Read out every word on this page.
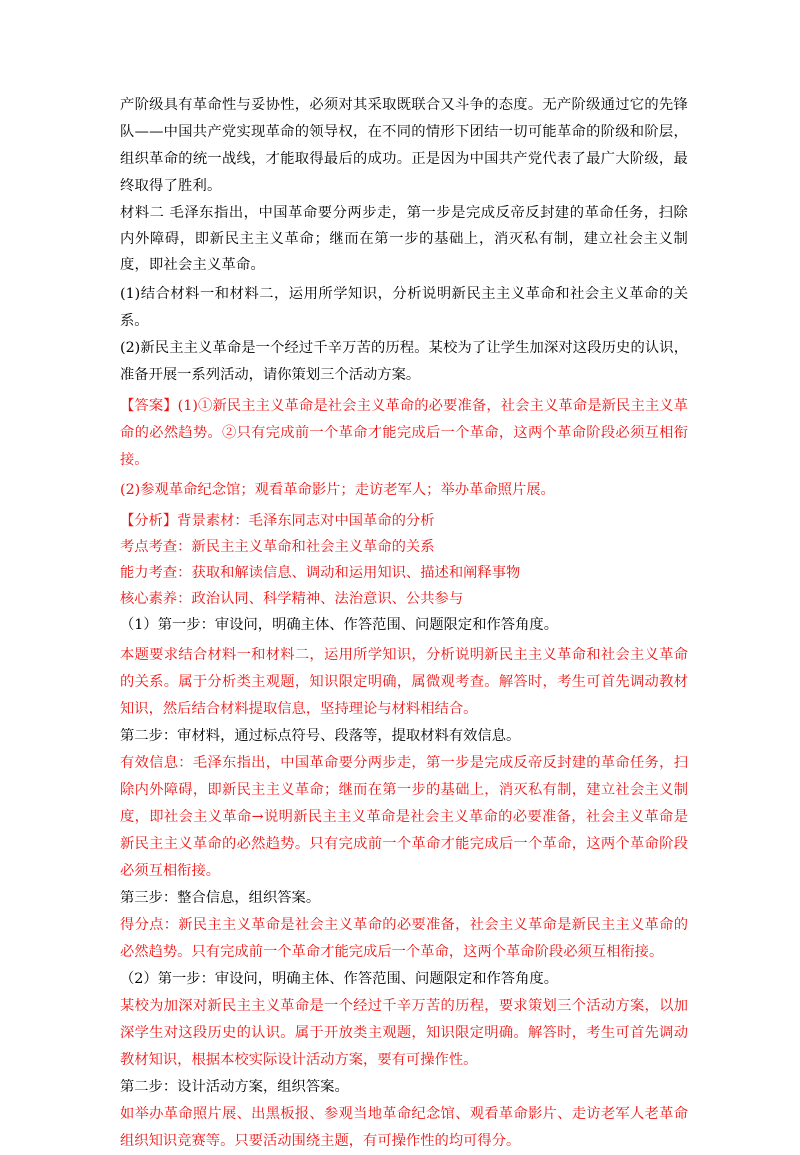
产阶级具有革命性与妥协性，必须对其采取既联合又斗争的态度。无产阶级通过它的先锋队——中国共产党实现革命的领导权，在不同的情形下团结一切可能革命的阶级和阶层，组织革命的统一战线，才能取得最后的成功。正是因为中国共产党代表了最广大阶级，最终取得了胜利。

材料二 毛泽东指出，中国革命要分两步走，第一步是完成反帝反封建的革命任务，扫除内外障碍，即新民主主义革命；继而在第一步的基础上，消灭私有制，建立社会主义制度，即社会主义革命。

(1)结合材料一和材料二，运用所学知识，分析说明新民主主义革命和社会主义革命的关系。

(2)新民主主义革命是一个经过千辛万苦的历程。某校为了让学生加深对这段历史的认识，准备开展一系列活动，请你策划三个活动方案。

【答案】(1)①新民主主义革命是社会主义革命的必要准备，社会主义革命是新民主主义革命的必然趋势。②只有完成前一个革命才能完成后一个革命，这两个革命阶段必须互相衔接。

(2)参观革命纪念馆；观看革命影片；走访老军人；举办革命照片展。

【分析】背景素材：毛泽东同志对中国革命的分析

考点考查：新民主主义革命和社会主义革命的关系

能力考查：获取和解读信息、调动和运用知识、描述和阐释事物

核心素养：政治认同、科学精神、法治意识、公共参与

（1）第一步：审设问，明确主体、作答范围、问题限定和作答角度。

本题要求结合材料一和材料二，运用所学知识，分析说明新民主主义革命和社会主义革命的关系。属于分析类主观题，知识限定明确，属微观考查。解答时，考生可首先调动教材知识，然后结合材料提取信息，坚持理论与材料相结合。

第二步：审材料，通过标点符号、段落等，提取材料有效信息。

有效信息：毛泽东指出，中国革命要分两步走，第一步是完成反帝反封建的革命任务，扫除内外障碍，即新民主主义革命；继而在第一步的基础上，消灭私有制，建立社会主义制度，即社会主义革命→说明新民主主义革命是社会主义革命的必要准备，社会主义革命是新民主主义革命的必然趋势。只有完成前一个革命才能完成后一个革命，这两个革命阶段必须互相衔接。

第三步：整合信息，组织答案。

得分点：新民主主义革命是社会主义革命的必要准备，社会主义革命是新民主主义革命的必然趋势。只有完成前一个革命才能完成后一个革命，这两个革命阶段必须互相衔接。

（2）第一步：审设问，明确主体、作答范围、问题限定和作答角度。

某校为加深对新民主主义革命是一个经过千辛万苦的历程，要求策划三个活动方案，以加深学生对这段历史的认识。属于开放类主观题，知识限定明确。解答时，考生可首先调动教材知识，根据本校实际设计活动方案，要有可操作性。

第二步：设计活动方案，组织答案。

如举办革命照片展、出黑板报、参观当地革命纪念馆、观看革命影片、走访老军人老革命组织知识竞赛等。只要活动围绕主题，有可操作性的均可得分。
